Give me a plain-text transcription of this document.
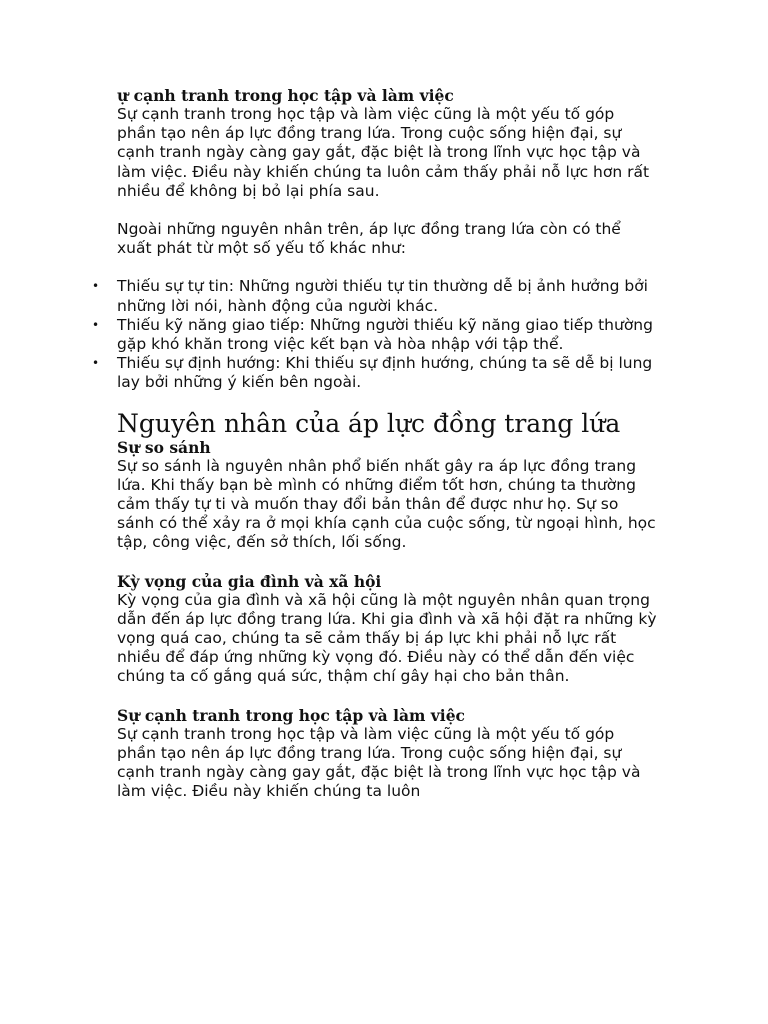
ự cạnh tranh trong học tập và làm việc

Sự cạnh tranh trong học tập và làm việc cũng là một yếu tố góp phần tạo nên áp lực đồng trang lứa. Trong cuộc sống hiện đại, sự cạnh tranh ngày càng gay gắt, đặc biệt là trong lĩnh vực học tập và làm việc. Điều này khiến chúng ta luôn cảm thấy phải nỗ lực hơn rất nhiều để không bị bỏ lại phía sau.

Ngoài những nguyên nhân trên, áp lực đồng trang lứa còn có thể xuất phát từ một số yếu tố khác như:

• Thiếu sự tự tin: Những người thiếu tự tin thường dễ bị ảnh hưởng bởi những lời nói, hành động của người khác.
• Thiếu kỹ năng giao tiếp: Những người thiếu kỹ năng giao tiếp thường gặp khó khăn trong việc kết bạn và hòa nhập với tập thể.
• Thiếu sự định hướng: Khi thiếu sự định hướng, chúng ta sẽ dễ bị lung lay bởi những ý kiến bên ngoài.
Nguyên nhân của áp lực đồng trang lứa
Sự so sánh

Sự so sánh là nguyên nhân phổ biến nhất gây ra áp lực đồng trang lứa. Khi thấy bạn bè mình có những điểm tốt hơn, chúng ta thường cảm thấy tự ti và muốn thay đổi bản thân để được như họ. Sự so sánh có thể xảy ra ở mọi khía cạnh của cuộc sống, từ ngoại hình, học tập, công việc, đến sở thích, lối sống.

Kỳ vọng của gia đình và xã hội

Kỳ vọng của gia đình và xã hội cũng là một nguyên nhân quan trọng dẫn đến áp lực đồng trang lứa. Khi gia đình và xã hội đặt ra những kỳ vọng quá cao, chúng ta sẽ cảm thấy bị áp lực khi phải nỗ lực rất nhiều để đáp ứng những kỳ vọng đó. Điều này có thể dẫn đến việc chúng ta cố gắng quá sức, thậm chí gây hại cho bản thân.

Sự cạnh tranh trong học tập và làm việc

Sự cạnh tranh trong học tập và làm việc cũng là một yếu tố góp phần tạo nên áp lực đồng trang lứa. Trong cuộc sống hiện đại, sự cạnh tranh ngày càng gay gắt, đặc biệt là trong lĩnh vực học tập và làm việc. Điều này khiến chúng ta luôn
